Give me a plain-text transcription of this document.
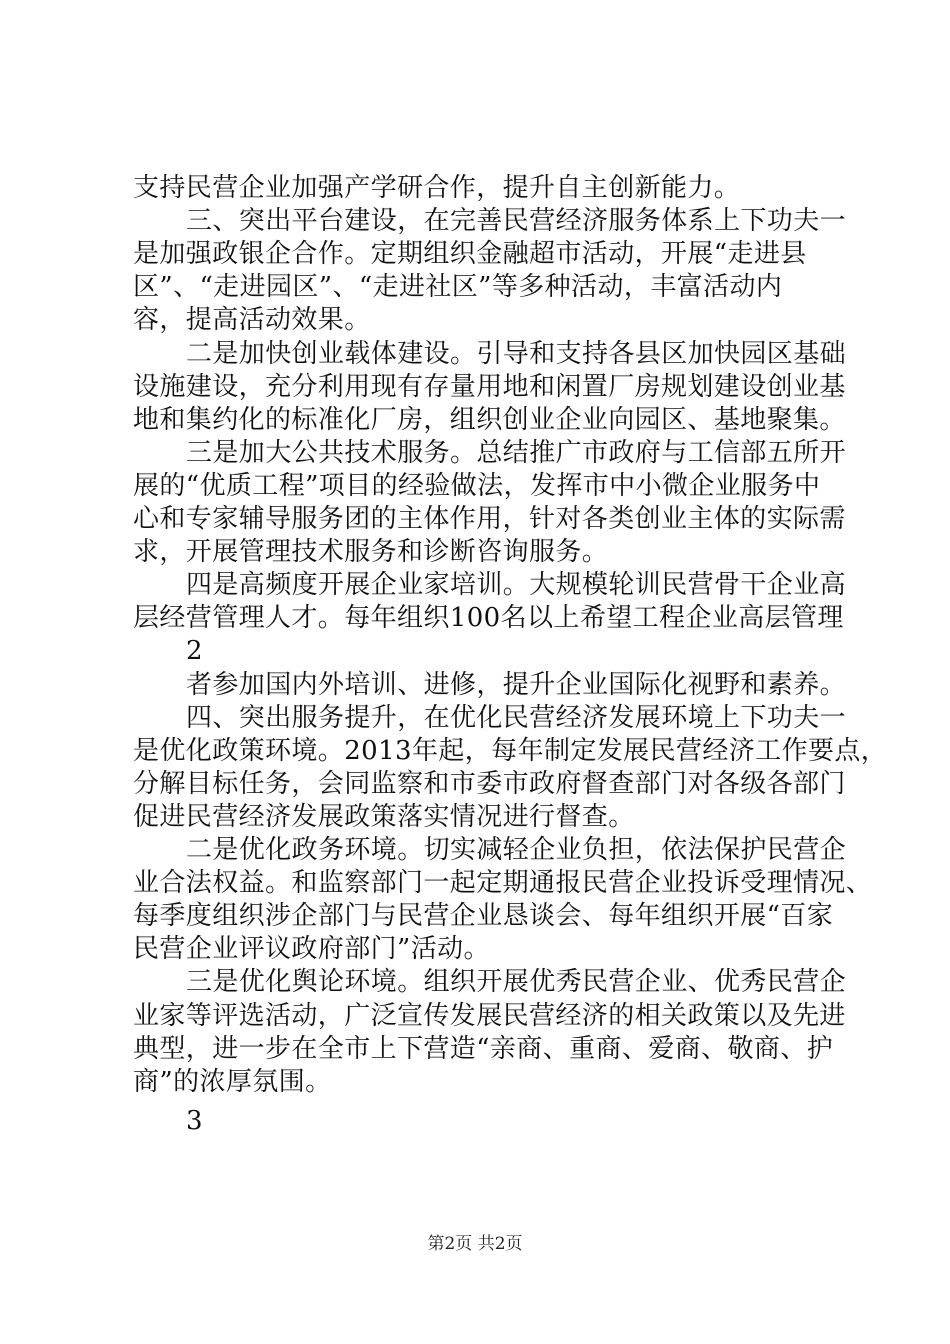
支持民营企业加强产学研合作，提升自主创新能力。
三、突出平台建设，在完善民营经济服务体系上下功夫一
是加强政银企合作。定期组织金融超市活动，开展“走进县
区”、“走进园区”、“走进社区”等多种活动，丰富活动内
容，提高活动效果。
二是加快创业载体建设。引导和支持各县区加快园区基础
设施建设，充分利用现有存量用地和闲置厂房规划建设创业基
地和集约化的标准化厂房，组织创业企业向园区、基地聚集。
三是加大公共技术服务。总结推广市政府与工信部五所开
展的“优质工程”项目的经验做法，发挥市中小微企业服务中
心和专家辅导服务团的主体作用，针对各类创业主体的实际需
求，开展管理技术服务和诊断咨询服务。
四是高频度开展企业家培训。大规模轮训民营骨干企业高
层经营管理人才。每年组织100名以上希望工程企业高层管理
2
者参加国内外培训、进修，提升企业国际化视野和素养。
四、突出服务提升，在优化民营经济发展环境上下功夫一
是优化政策环境。2013年起，每年制定发展民营经济工作要点，
分解目标任务，会同监察和市委市政府督查部门对各级各部门
促进民营经济发展政策落实情况进行督查。
二是优化政务环境。切实减轻企业负担，依法保护民营企
业合法权益。和监察部门一起定期通报民营企业投诉受理情况、
每季度组织涉企部门与民营企业恳谈会、每年组织开展“百家
民营企业评议政府部门”活动。
三是优化舆论环境。组织开展优秀民营企业、优秀民营企
业家等评选活动，广泛宣传发展民营经济的相关政策以及先进
典型，进一步在全市上下营造“亲商、重商、爱商、敬商、护
商”的浓厚氛围。
3
第2页 共2页
